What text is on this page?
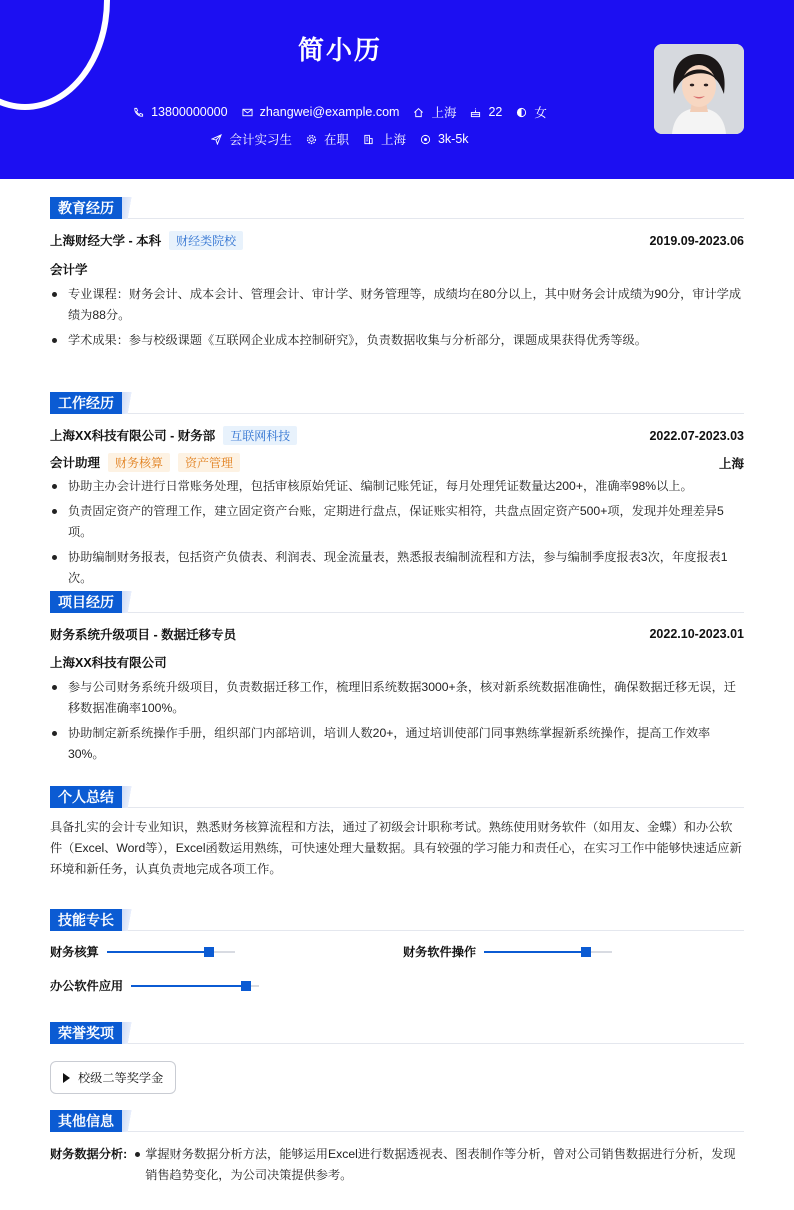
简小历
13800000000	zhangwei@example.com	上海	22	女
会计实习生	在职	上海	3k-5k
教育经历
上海财经大学 - 本科 财经类院校	2019.09-2023.06
会计学
专业课程：财务会计、成本会计、管理会计、审计学、财务管理等，成绩均在80分以上，其中财务会计成绩为90分，审计学成绩为88分。
学术成果：参与校级课题《互联网企业成本控制研究》，负责数据收集与分析部分，课题成果获得优秀等级。
工作经历
上海XX科技有限公司 - 财务部 互联网科技	2022.07-2023.03
会计助理 财务核算 资产管理	上海
协助主办会计进行日常账务处理，包括审核原始凭证、编制记账凭证，每月处理凭证数量达200+，准确率98%以上。
负责固定资产的管理工作，建立固定资产台账，定期进行盘点，保证账实相符，共盘点固定资产500+项，发现并处理差异5项。
协助编制财务报表，包括资产负债表、利润表、现金流量表，熟悉报表编制流程和方法，参与编制季度报表3次，年度报表1次。
项目经历
财务系统升级项目 - 数据迁移专员	2022.10-2023.01
上海XX科技有限公司
参与公司财务系统升级项目，负责数据迁移工作，梳理旧系统数据3000+条，核对新系统数据准确性，确保数据迁移无误，迁移数据准确率100%。
协助制定新系统操作手册，组织部门内部培训，培训人数20+，通过培训使部门同事熟练掌握新系统操作，提高工作效率30%。
个人总结
具备扎实的会计专业知识，熟悉财务核算流程和方法，通过了初级会计职称考试。熟练使用财务软件（如用友、金蝶）和办公软件（Excel、Word等），Excel函数运用熟练，可快速处理大量数据。具有较强的学习能力和责任心，在实习工作中能够快速适应新环境和新任务，认真负责地完成各项工作。
技能专长
财务核算	财务软件操作
办公软件应用
荣誉奖项
校级二等奖学金
其他信息
财务数据分析: 掌握财务数据分析方法，能够运用Excel进行数据透视表、图表制作等分析，曾对公司销售数据进行分析，发现销售趋势变化，为公司决策提供参考。
